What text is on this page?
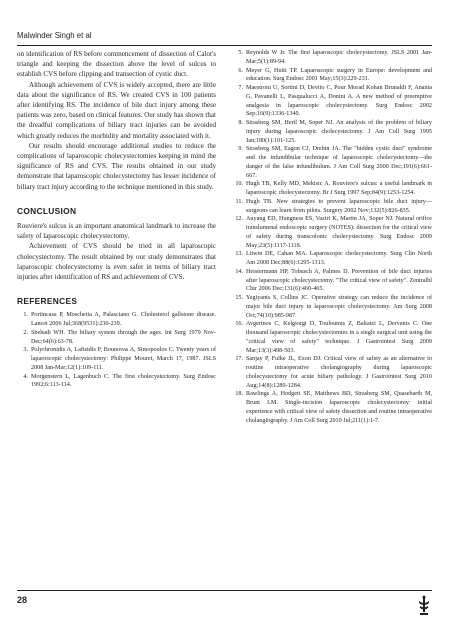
Malwinder Singh et al

on identification of RS before commencement of dissection of Calot's triangle and keeping the dissection above the level of sulcus to establish CVS before clipping and transection of cystic duct.

Although achievement of CVS is widely accepted, there are little data about the significance of RS. We created CVS in 100 patients after identifying RS. The incidence of bile duct injury among these patients was zero, based on clinical features. Our study has shown that the dreadful complications of biliary tract injuries can be avoided which greatly reduces the morbidity and mortality associated with it.

Our results should encourage additional studies to reduce the complications of laparoscopic cholecystectomies keeping in mind the significance of RS and CVS. The results obtained in our study demonstrate that laparoscopic cholecystectomy has lesser incidence of biliary tract injury according to the technique mentioned in this study.

CONCLUSION

Rouviere's sulcus is an important anatomical landmark to increase the safety of laparoscopic cholecystectomy.

Achievement of CVS should be tried in all laparoscopic cholecystectomy. The result obtained by our study demonstrates that laparoscopic cholecystectomy is even safer in terms of biliary tract injuries after identification of RS and achievement of CVS.

REFERENCES
1. Portincasa P, Moschetta A, Palasciano G. Cholesterol gallstone disease. Lancet 2006 Jul;368(9531):230-239.
2. Shehadi WH. The biliary system through the ages. Int Surg 1979 Nov-Dec;64(6):63-78.
3. Polychronidis A, Laftsidis P, Bounovas A, Simopoulos C. Twenty years of laparoscopic cholecystectomy: Philippe Mouret, March 17, 1987. JSLS 2008 Jan-Mar;12(1):109-111.
4. Morgenstern L, Lagenbuch C. The first cholecystectomy. Surg Endosc 1992;6:113-114.
5. Reynolds W Jr. The first laparoscopic cholecystectomy. JSLS 2001 Jan-Mar;5(1):89-94.
6. Meyer G, Hutti TP. Laparoscopic surgery in Europe: development and education. Surg Endosc 2001 May;15(3):229-231.
7. Maestroni U, Sortini D, Devito C, Pour Morad Kohan Brunaldi F, Anania G, Pavanelli L, Pasqualucci A, Donini A. A new method of preemptive analgesia in laparoscopic cholecystectomy. Surg Endosc 2002 Sep;16(9):1336-1340.
8. Strasberg SM, Hertl M, Soper NJ. An analysis of the problem of biliary injury during laparoscopic cholecystectomy. J Am Coll Surg 1995 Jan;180(1):101-125.
9. Strasberg SM, Eagon CJ, Drebin JA. The "hidden cystic duct" syndrome and the infundibular technique of laparoscopic cholecystectomy—the danger of the false infundibulum. J Am Coll Surg 2000 Dec;191(6):661-667.
10. Hugh TB, Kelly MD, Mekisic A. Rouviere's sulcus: a useful landmark in laparoscopic cholecystectomy. Br J Surg 1997 Sep;84(9):1253-1254.
11. Hugh TB. New strategies to prevent laparoscopic bile duct injury—surgeons can learn from pilots. Surgery 2002 Nov;132(5):826-835.
12. Auyang ED, Hungness ES, Vaziri K, Martin JA, Soper NJ. Natural orifice translumenal endoscopic surgery (NOTES): dissection for the critical view of safety during transcolonic cholecystectomy. Surg Endosc 2009 May;23(5):1117-1118.
13. Litwin DE, Cahan MA. Laparoscopic cholecystectomy. Surg Clin North Am 2008 Dec;88(6):1295-1313.
14. Heistermann HP, Tobusch A, Palmes D. Prevention of bile duct injuries after laparoscopic cholecystectomy. "The critical view of safety". Zentralbl Chir 2006 Dec;131(6):460-465.
15. Yegiyants S, Collins JC. Operative strategy can reduce the incidence of major bile duct injury in laparoscopic cholecystectomy. Am Surg 2008 Oct;74(10):985-987.
16. Avgerinos C, Kelgiorgi D, Touloumis Z, Baltatzi L, Dervenis C. One thousand laparoscopic cholecystectomies in a single surgical unit using the "critical view of safety" technique. J Gastrointest Surg 2009 Mar;13(3):498-503.
17. Sanjay P, Fulke JL, Exon DJ. Critical view of safety as an alternative to routine intraoperative cholangiography during laparoscopic cholecystectomy for acute biliary pathology. J Gastrointest Surg 2010 Aug;14(8):1280-1284.
18. Rawlings A, Hodgett SE, Matthews BD, Strasberg SM, Quasebarth M, Brunt LM. Single-incision laparoscopic cholecystectomy: initial experience with critical view of safety dissection and routine intraoperative cholangiography. J Am Coll Surg 2010 Jul;211(1):1-7.
28
